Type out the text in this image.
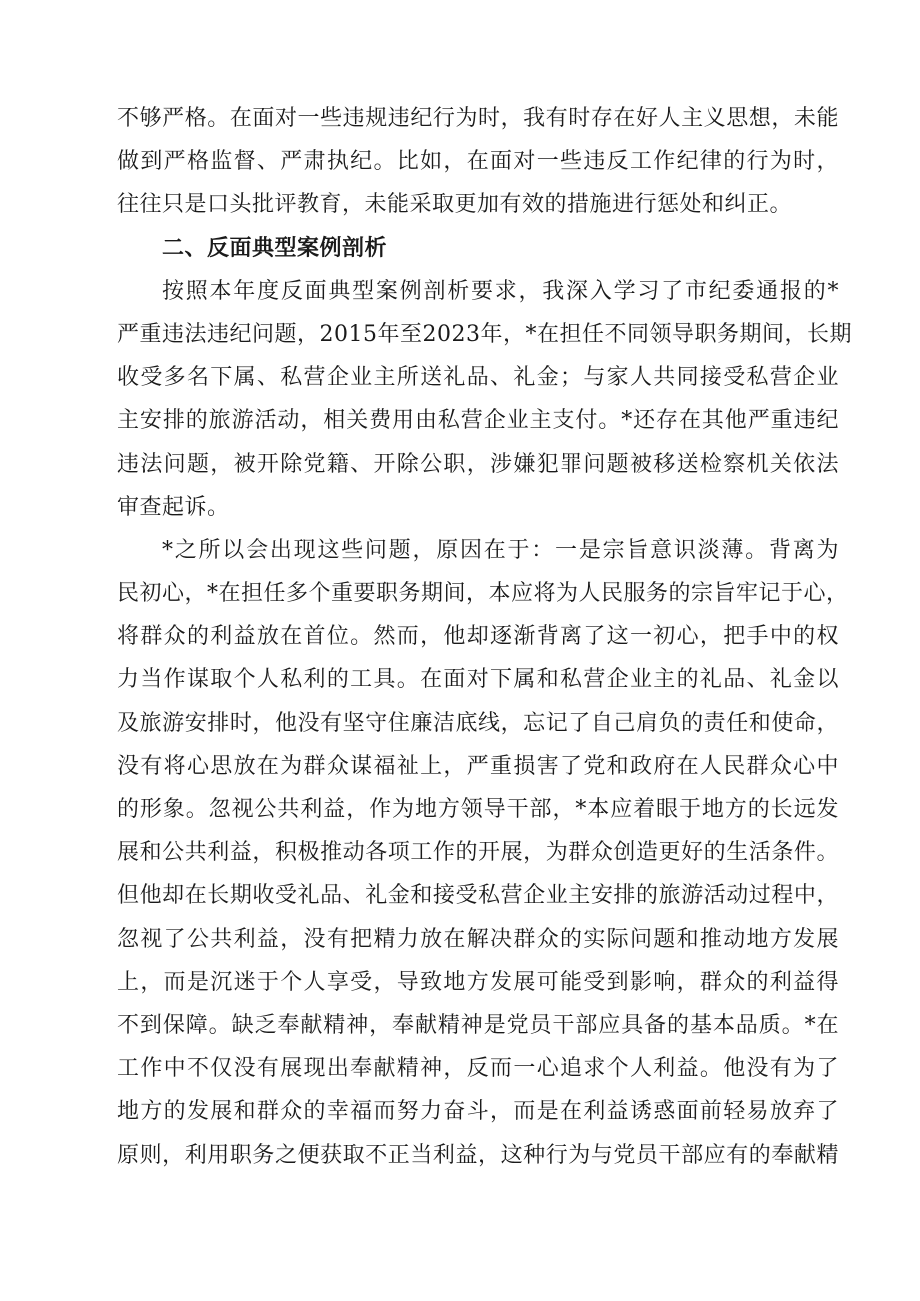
不够严格。在面对一些违规违纪行为时，我有时存在好人主义思想，未能
做到严格监督、严肃执纪。比如，在面对一些违反工作纪律的行为时，
往往只是口头批评教育，未能采取更加有效的措施进行惩处和纠正。
二、反面典型案例剖析
按照本年度反面典型案例剖析要求，我深入学习了市纪委通报的*
严重违法违纪问题，2015年至2023年，*在担任不同领导职务期间，长期
收受多名下属、私营企业主所送礼品、礼金；与家人共同接受私营企业
主安排的旅游活动，相关费用由私营企业主支付。*还存在其他严重违纪
违法问题，被开除党籍、开除公职，涉嫌犯罪问题被移送检察机关依法
审查起诉。
*之所以会出现这些问题，原因在于：一是宗旨意识淡薄。背离为
民初心，*在担任多个重要职务期间，本应将为人民服务的宗旨牢记于心，
将群众的利益放在首位。然而，他却逐渐背离了这一初心，把手中的权
力当作谋取个人私利的工具。在面对下属和私营企业主的礼品、礼金以
及旅游安排时，他没有坚守住廉洁底线，忘记了自己肩负的责任和使命，
没有将心思放在为群众谋福祉上，严重损害了党和政府在人民群众心中
的形象。忽视公共利益，作为地方领导干部，*本应着眼于地方的长远发
展和公共利益，积极推动各项工作的开展，为群众创造更好的生活条件。
但他却在长期收受礼品、礼金和接受私营企业主安排的旅游活动过程中，
忽视了公共利益，没有把精力放在解决群众的实际问题和推动地方发展
上，而是沉迷于个人享受，导致地方发展可能受到影响，群众的利益得
不到保障。缺乏奉献精神，奉献精神是党员干部应具备的基本品质。*在
工作中不仅没有展现出奉献精神，反而一心追求个人利益。他没有为了
地方的发展和群众的幸福而努力奋斗，而是在利益诱惑面前轻易放弃了
原则，利用职务之便获取不正当利益，这种行为与党员干部应有的奉献精
